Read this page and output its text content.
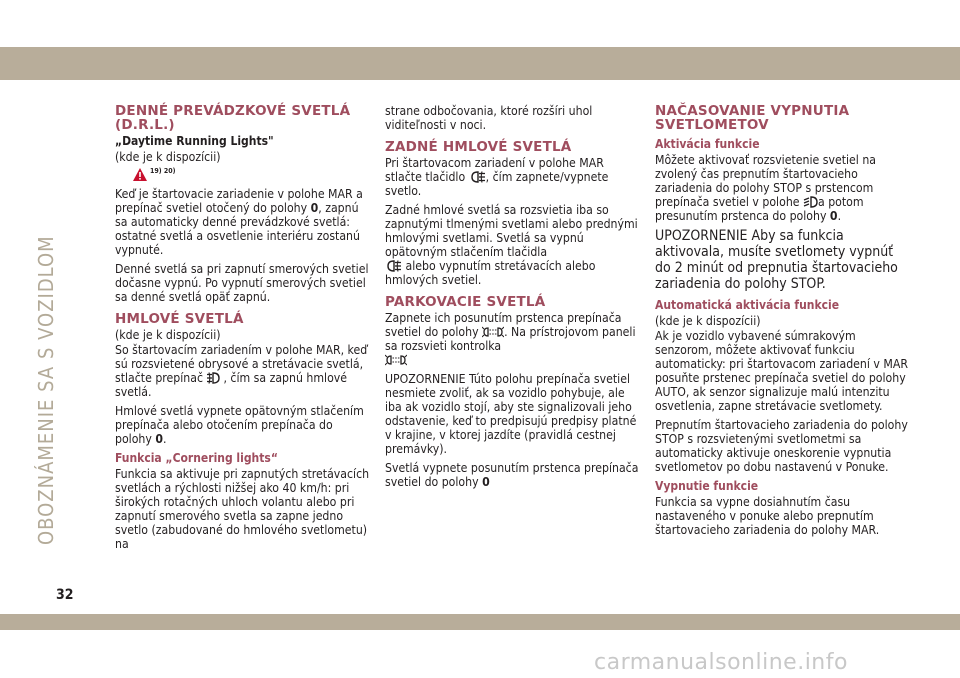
OBOZNÁMENIE SA S VOZIDLOM
DENNÉ PREVÁDZKOVÉ SVETLÁ (D.R.L.)
„Daytime Running Lights"

(kde je k dispozícii)

19) 20)

Keď je štartovacie zariadenie v polohe MAR a prepínač svetiel otočený do polohy 0, zapnú sa automaticky denné prevádzkové svetlá: ostatné svetlá a osvetlenie interiéru zostanú vypnuté.

Denné svetlá sa pri zapnutí smerových svetiel dočasne vypnú. Po vypnutí smerových svetiel sa denné svetlá opäť zapnú.

HMLOVÉ SVETLÁ

(kde je k dispozícii)

So štartovacím zariadením v polohe MAR, keď sú rozsvietené obrysové a stretávacie svetlá, stlačte prepínač , čím sa zapnú hmlové svetlá.

Hmlové svetlá vypnete opätovným stlačením prepínača alebo otočením prepínača do polohy 0.

Funkcia „Cornering lights“

Funkcia sa aktivuje pri zapnutých stretávacích svetlách a rýchlosti nižšej ako 40 km/h: pri širokých rotačných uhloch volantu alebo pri zapnutí smerového svetla sa zapne jedno svetlo (zabudované do hmlového svetlometu) na

strane odbočovania, ktoré rozšíri uhol viditeľnosti v noci.

ZADNÉ HMLOVÉ SVETLÁ

Pri štartovacom zariadení v polohe MAR stlačte tlačidlo , čím zapnete/vypnete svetlo.

Zadné hmlové svetlá sa rozsvietia iba so zapnutými tlmenými svetlami alebo prednými hmlovými svetlami. Svetlá sa vypnú opätovným stlačením tlačidla
alebo vypnutím stretávacích alebo hmlových svetiel.

PARKOVACIE SVETLÁ

Zapnete ich posunutím prstenca prepínača svetiel do polohy . Na prístrojovom paneli sa rozsvieti kontrolka

UPOZORNENIE Túto polohu prepínača svetiel nesmiete zvoliť, ak sa vozidlo pohybuje, ale iba ak vozidlo stojí, aby ste signalizovali jeho odstavenie, keď to predpisujú predpisy platné v krajine, v ktorej jazdíte (pravidlá cestnej premávky).

Svetlá vypnete posunutím prstenca prepínača svetiel do polohy 0

NAČASOVANIE VYPNUTIA SVETLOMETOV
Aktivácia funkcie

Môžete aktivovať rozsvietenie svetiel na zvolený čas prepnutím štartovacieho zariadenia do polohy STOP s prstencom prepínača svetiel v polohe a potom presunutím prstenca do polohy 0.

UPOZORNENIE Aby sa funkcia aktivovala, musíte svetlomety vypnúť do 2 minút od prepnutia štartovacieho zariadenia do polohy STOP.

Automatická aktivácia funkcie

(kde je k dispozícii)

Ak je vozidlo vybavené súmrakovým senzorom, môžete aktivovať funkciu automaticky: pri štartovacom zariadení v MAR posuňte prstenec prepínača svetiel do polohy AUTO, ak senzor signalizuje malú intenzitu osvetlenia, zapne stretávacie svetlomety.

Prepnutím štartovacieho zariadenia do polohy STOP s rozsvietenými svetlometmi sa automaticky aktivuje oneskorenie vypnutia svetlometov po dobu nastavenú v Ponuke.

Vypnutie funkcie

Funkcia sa vypne dosiahnutím času nastaveného v ponuke alebo prepnutím štartovacieho zariadenia do polohy MAR.

32
carmanualsonline.info
